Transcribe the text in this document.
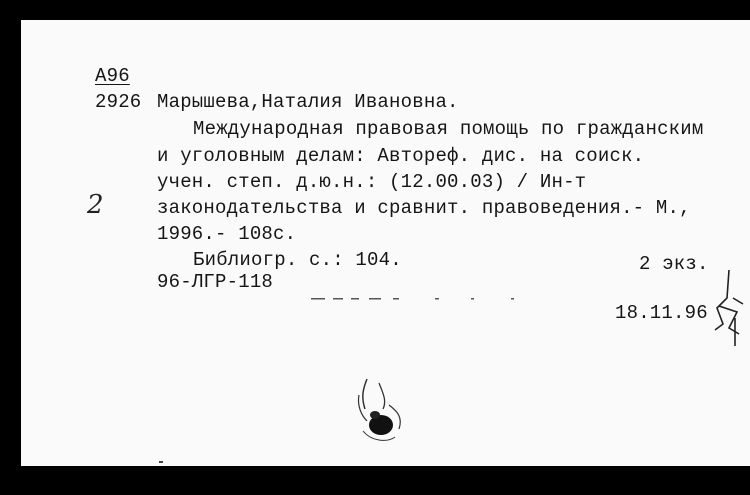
A96
2926 Марышева,Наталия Ивановна.
Международная правовая помощь по гражданским
и уголовным делам: Автореф. дис. на соиск.
учен. степ. д.ю.н.: (12.00.03) / Ин-т
законодательства и сравнит. правоведения.- М.,
1996.- 108с.
Библиогр. с.: 104.	2 экз.
96-ЛГР-118
18.11.96
2
